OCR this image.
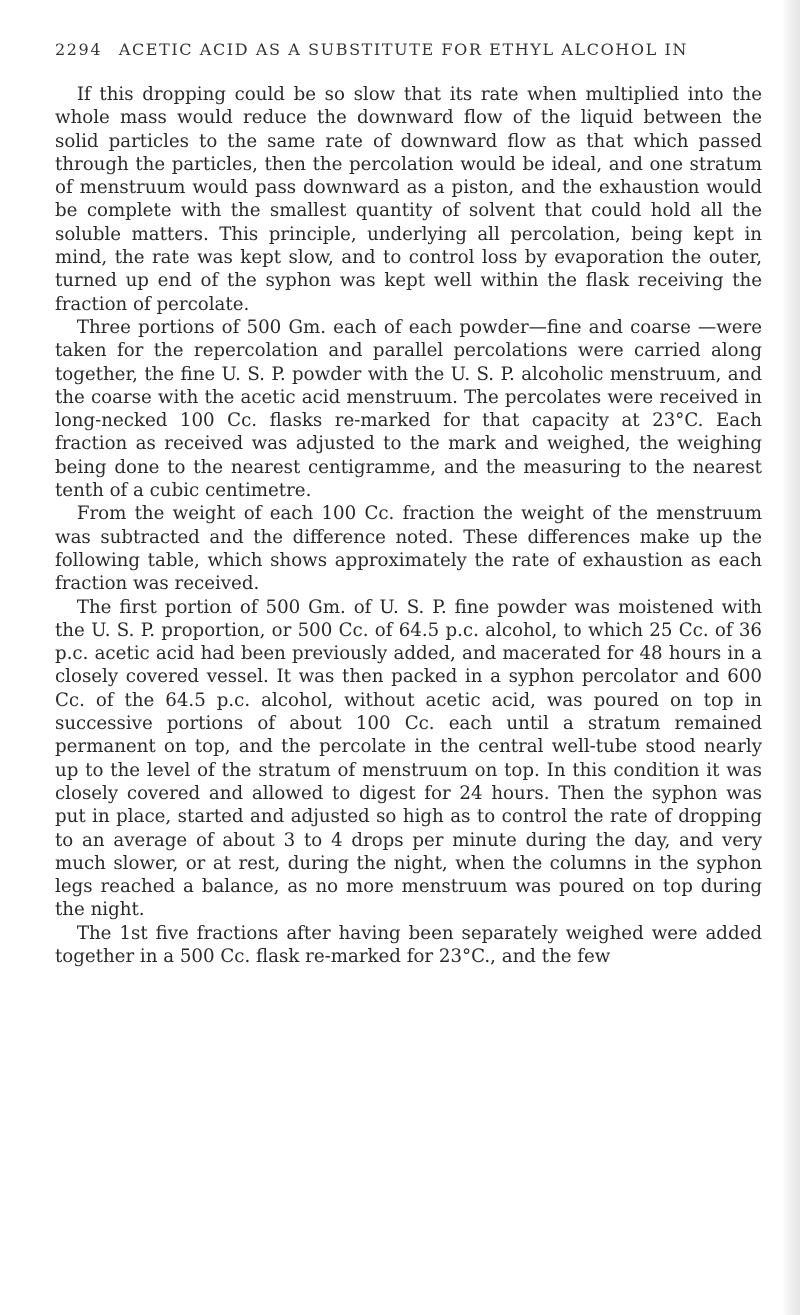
2294 ACETIC ACID AS A SUBSTITUTE FOR ETHYL ALCOHOL IN

If this dropping could be so slow that its rate when multiplied into the whole mass would reduce the downward flow of the liquid between the solid particles to the same rate of downward flow as that which passed through the particles, then the percolation would be ideal, and one stratum of menstruum would pass downward as a piston, and the exhaustion would be complete with the smallest quantity of solvent that could hold all the soluble matters. This principle, underlying all percolation, being kept in mind, the rate was kept slow, and to control loss by evaporation the outer, turned up end of the syphon was kept well within the flask receiving the fraction of percolate.

Three portions of 500 Gm. each of each powder—fine and coarse —were taken for the repercolation and parallel percolations were carried along together, the fine U. S. P. powder with the U. S. P. alcoholic menstruum, and the coarse with the acetic acid menstruum. The percolates were received in long-necked 100 Cc. flasks re-marked for that capacity at 23°C. Each fraction as received was adjusted to the mark and weighed, the weighing being done to the nearest centigramme, and the measuring to the nearest tenth of a cubic centimetre.

From the weight of each 100 Cc. fraction the weight of the menstruum was subtracted and the difference noted. These differences make up the following table, which shows approximately the rate of exhaustion as each fraction was received.

The first portion of 500 Gm. of U. S. P. fine powder was moistened with the U. S. P. proportion, or 500 Cc. of 64.5 p.c. alcohol, to which 25 Cc. of 36 p.c. acetic acid had been previously added, and macerated for 48 hours in a closely covered vessel. It was then packed in a syphon percolator and 600 Cc. of the 64.5 p.c. alcohol, without acetic acid, was poured on top in successive portions of about 100 Cc. each until a stratum remained permanent on top, and the percolate in the central well-tube stood nearly up to the level of the stratum of menstruum on top. In this condition it was closely covered and allowed to digest for 24 hours. Then the syphon was put in place, started and adjusted so high as to control the rate of dropping to an average of about 3 to 4 drops per minute during the day, and very much slower, or at rest, during the night, when the columns in the syphon legs reached a balance, as no more menstruum was poured on top during the night.

The 1st five fractions after having been separately weighed were added together in a 500 Cc. flask re-marked for 23°C., and the few
